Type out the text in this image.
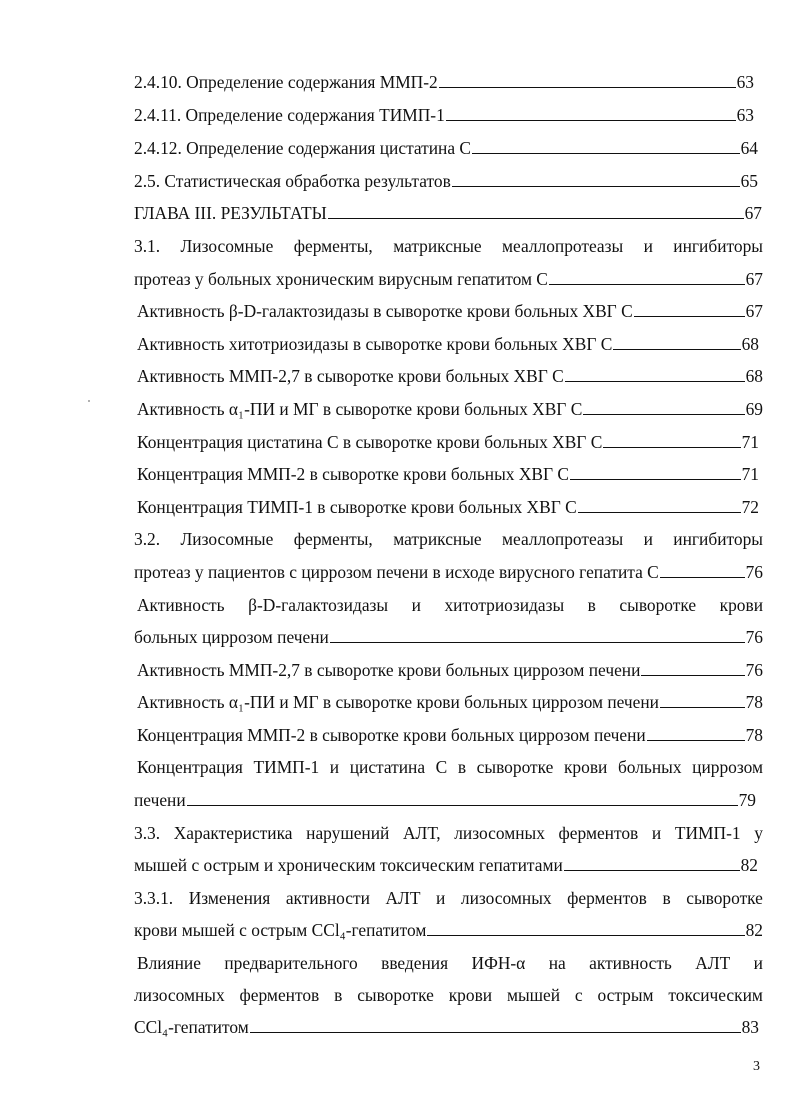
2.4.10. Определение содержания ММП-2	63
2.4.11. Определение содержания ТИМП-1	63
2.4.12. Определение содержания цистатина С	64
2.5. Статистическая обработка результатов	65
ГЛАВА III. РЕЗУЛЬТАТЫ	67
3.1. Лизосомные ферменты, матриксные меаллопротеазы и ингибиторы
протеаз у больных хроническим вирусным гепатитом С	67
Активность β-D-галактозидазы в сыворотке крови больных ХВГ С	67
Активность хитотриозидазы в сыворотке крови больных ХВГ С	68
Активность ММП-2,7 в сыворотке крови больных ХВГ С	68
Активность α₁-ПИ и МГ в сыворотке крови больных ХВГ С	69
Концентрация цистатина С в сыворотке крови больных ХВГ С	71
Концентрация ММП-2 в сыворотке крови больных ХВГ С	71
Концентрация ТИМП-1 в сыворотке крови больных ХВГ С	72
3.2. Лизосомные ферменты, матриксные меаллопротеазы и ингибиторы
протеаз у пациентов с циррозом печени в исходе вирусного гепатита С	76
Активность β-D-галактозидазы и хитотриозидазы в сыворотке крови
больных циррозом печени	76
Активность ММП-2,7 в сыворотке крови больных циррозом печени	76
Активность α₁-ПИ и МГ в сыворотке крови больных циррозом печени	78
Концентрация ММП-2 в сыворотке крови больных циррозом печени	78
Концентрация ТИМП-1 и цистатина С в сыворотке крови больных циррозом
печени	79
3.3. Характеристика нарушений АЛТ, лизосомных ферментов и ТИМП-1 у
мышей с острым и хроническим токсическим гепатитами	82
3.3.1. Изменения активности АЛТ и лизосомных ферментов в сыворотке
крови мышей с острым CCl₄-гепатитом	82
Влияние предварительного введения ИФН-α на активность АЛТ и
лизосомных ферментов в сыворотке крови мышей с острым токсическим
CCl₄-гепатитом	83
3
